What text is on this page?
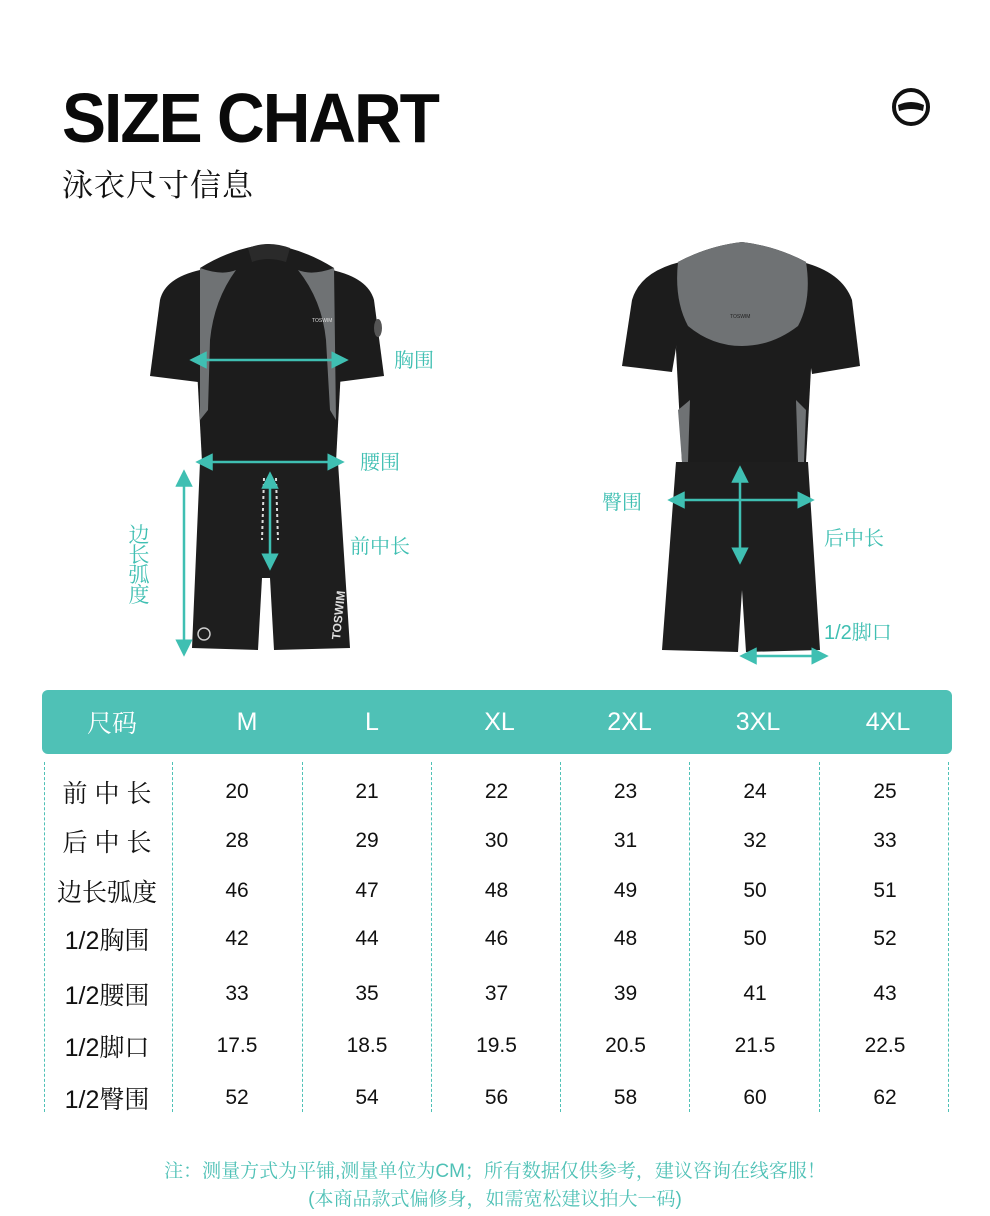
SIZE CHART
泳衣尺寸信息
TOSWIM
TOSWIM
TOSWIM
胸围
腰围
前中长
边长弧度
臀围
后中长
1/2脚口
尺码	M	L	XL	2XL	3XL	4XL
前 中 长	20	21	22	23	24	25
后 中 长	28	29	30	31	32	33
边长弧度	46	47	48	49	50	51
1/2胸围	42	44	46	48	50	52
1/2腰围	33	35	37	39	41	43
1/2脚口	17.5	18.5	19.5	20.5	21.5	22.5
1/2臀围	52	54	56	58	60	62
注：测量方式为平铺,测量单位为CM；所有数据仅供参考，建议咨询在线客服！
(本商品款式偏修身，如需宽松建议拍大一码)
